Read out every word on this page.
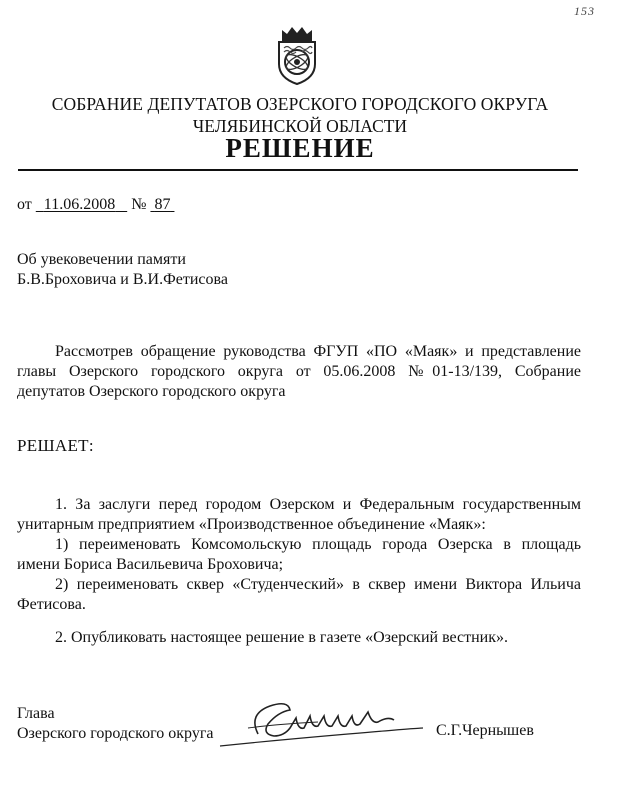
153
СОБРАНИЕ ДЕПУТАТОВ ОЗЕРСКОГО ГОРОДСКОГО ОКРУГА
ЧЕЛЯБИНСКОЙ ОБЛАСТИ
РЕШЕНИЕ
от 11.06.2008 № 87
Об увековечении памяти
Б.В.Броховича и В.И.Фетисова
Рассмотрев обращение руководства ФГУП «ПО «Маяк» и представление
главы Озерского городского округа от 05.06.2008 №01-13/139, Собрание
депутатов Озерского городского округа
РЕШАЕТ:
1. За заслуги перед городом Озерском и Федеральным государственным
унитарным предприятием «Производственное объединение «Маяк»:
1) переименовать Комсомольскую площадь города Озерска в площадь
имени Бориса Васильевича Броховича;
2) переименовать сквер «Студенческий» в сквер имени Виктора Ильича
Фетисова.
2. Опубликовать настоящее решение в газете «Озерский вестник».
Глава
Озерского городского округа	С.Г.Чернышев
